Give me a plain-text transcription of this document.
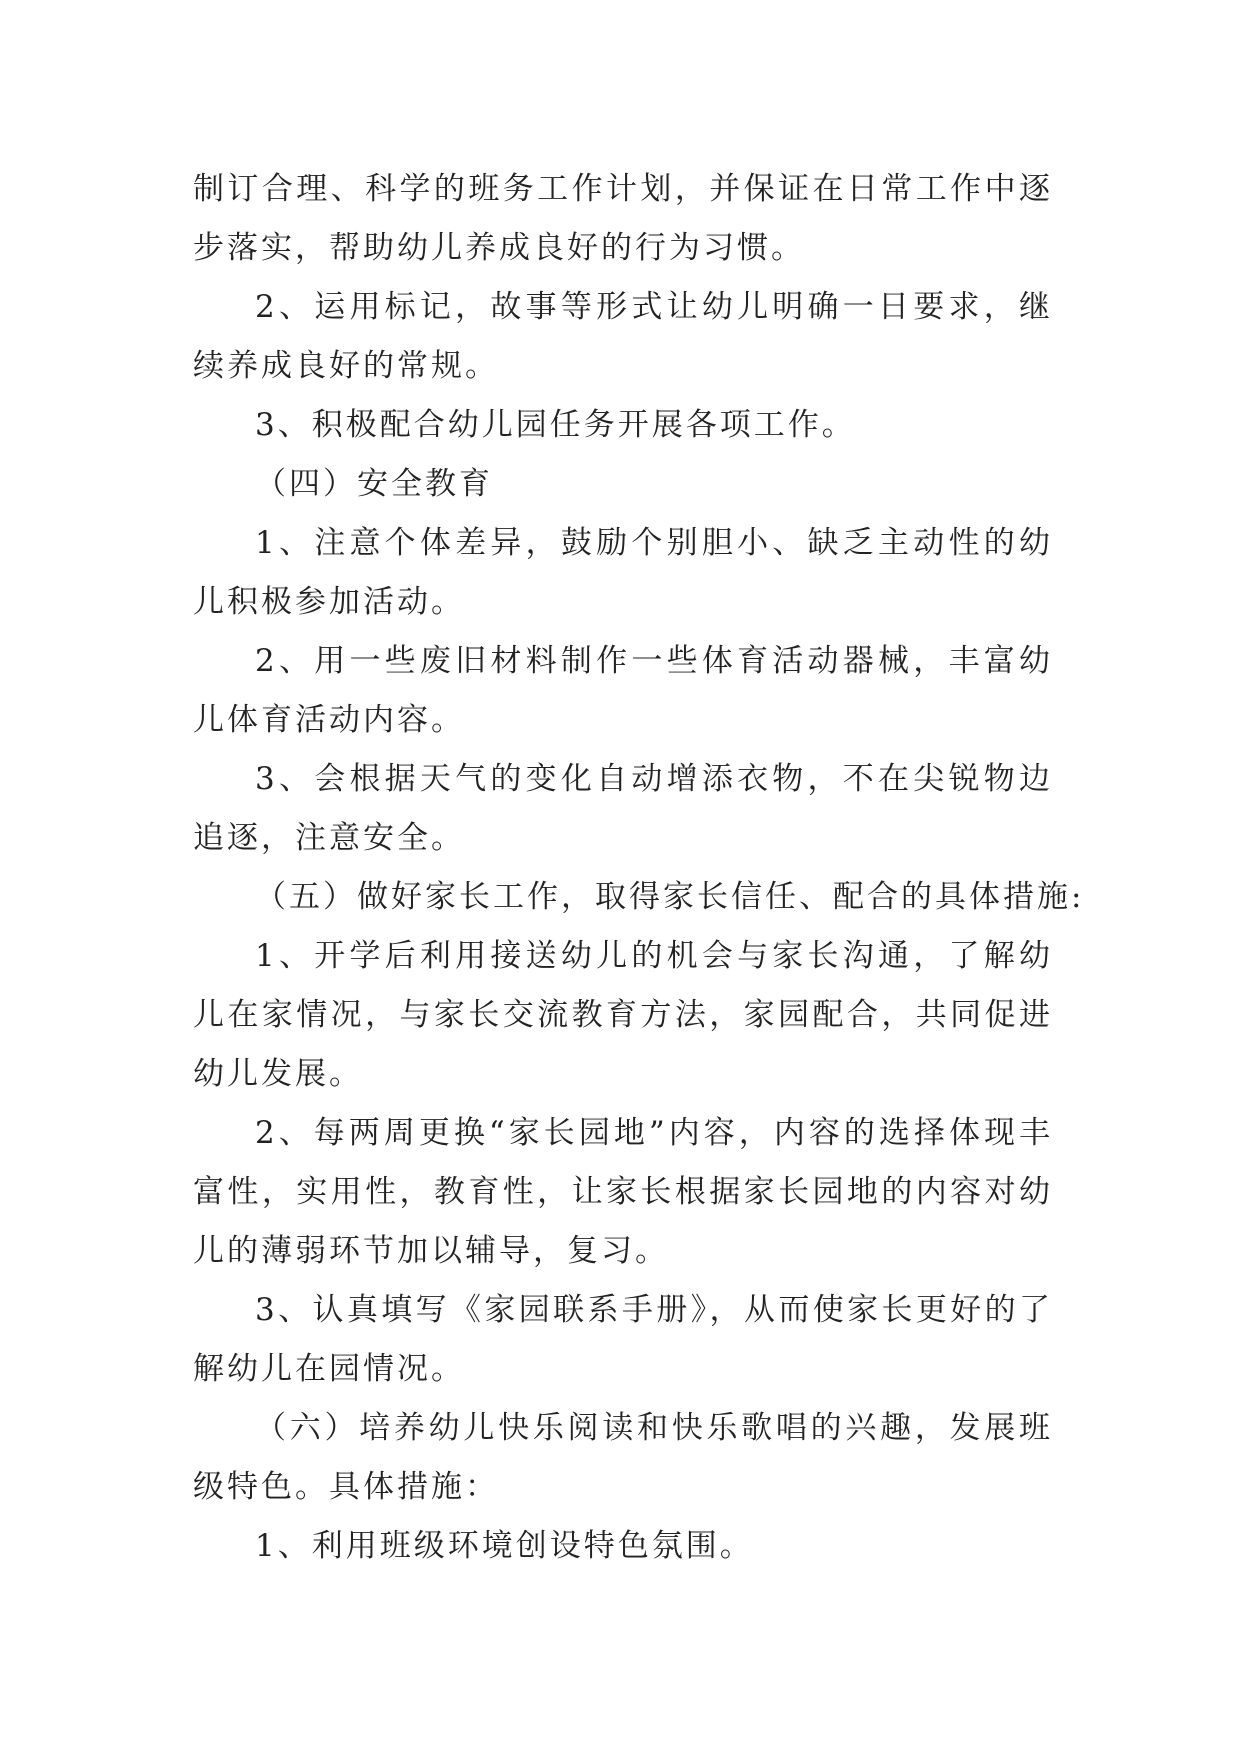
制订合理、科学的班务工作计划，并保证在日常工作中逐步落实，帮助幼儿养成良好的行为习惯。

2、运用标记，故事等形式让幼儿明确一日要求，继续养成良好的常规。

3、积极配合幼儿园任务开展各项工作。

（四）安全教育

1、注意个体差异，鼓励个别胆小、缺乏主动性的幼儿积极参加活动。

2、用一些废旧材料制作一些体育活动器械，丰富幼儿体育活动内容。

3、会根据天气的变化自动增添衣物，不在尖锐物边追逐，注意安全。

（五）做好家长工作，取得家长信任、配合的具体措施:

1、开学后利用接送幼儿的机会与家长沟通，了解幼儿在家情况，与家长交流教育方法，家园配合，共同促进幼儿发展。

2、每两周更换“家长园地”内容，内容的选择体现丰富性，实用性，教育性，让家长根据家长园地的内容对幼儿的薄弱环节加以辅导，复习。

3、认真填写《家园联系手册》，从而使家长更好的了解幼儿在园情况。

（六）培养幼儿快乐阅读和快乐歌唱的兴趣，发展班级特色。具体措施：

1、利用班级环境创设特色氛围。
